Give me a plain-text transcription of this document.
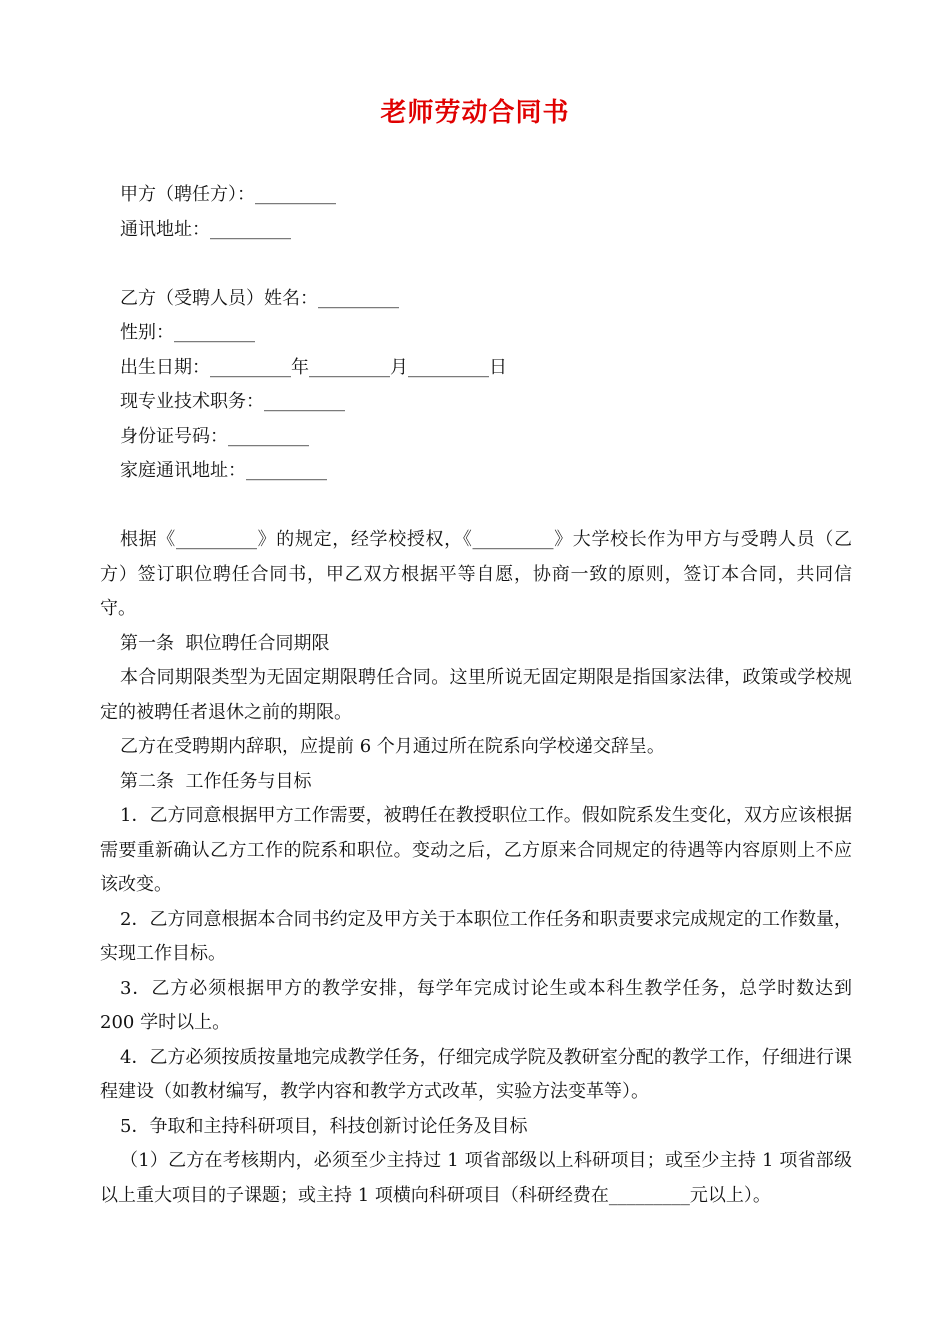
老师劳动合同书
甲方（聘任方）：_________
通讯地址：_________
乙方（受聘人员）姓名：_________
性别：_________
出生日期：_________年_________月_________日
现专业技术职务：_________
身份证号码：_________
家庭通讯地址：_________
根据《_________》的规定，经学校授权，《_________》大学校长作为甲方与受聘人员（乙方）签订职位聘任合同书，甲乙双方根据平等自愿，协商一致的原则，签订本合同，共同信守。
第一条  职位聘任合同期限
本合同期限类型为无固定期限聘任合同。这里所说无固定期限是指国家法律，政策或学校规定的被聘任者退休之前的期限。
乙方在受聘期内辞职，应提前 6 个月通过所在院系向学校递交辞呈。
第二条  工作任务与目标
1．乙方同意根据甲方工作需要，被聘任在教授职位工作。假如院系发生变化，双方应该根据需要重新确认乙方工作的院系和职位。变动之后，乙方原来合同规定的待遇等内容原则上不应该改变。
2．乙方同意根据本合同书约定及甲方关于本职位工作任务和职责要求完成规定的工作数量，实现工作目标。
3．乙方必须根据甲方的教学安排，每学年完成讨论生或本科生教学任务，总学时数达到 200 学时以上。
4．乙方必须按质按量地完成教学任务，仔细完成学院及教研室分配的教学工作，仔细进行课程建设（如教材编写，教学内容和教学方式改革，实验方法变革等）。
5．争取和主持科研项目，科技创新讨论任务及目标
（1）乙方在考核期内，必须至少主持过 1 项省部级以上科研项目；或至少主持 1 项省部级以上重大项目的子课题；或主持 1 项横向科研项目（科研经费在_________元以上）。
